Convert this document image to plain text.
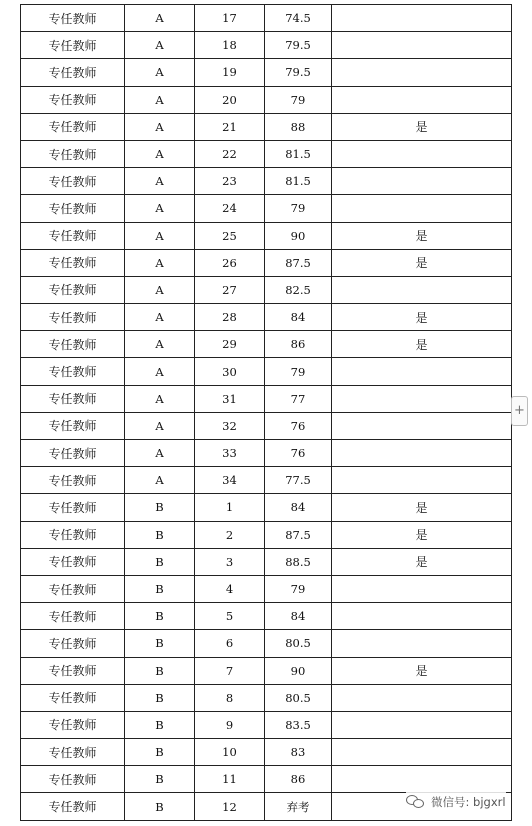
专任教师	A	17	74.5	
专任教师	A	18	79.5	
专任教师	A	19	79.5	
专任教师	A	20	79	
专任教师	A	21	88	是
专任教师	A	22	81.5	
专任教师	A	23	81.5	
专任教师	A	24	79	
专任教师	A	25	90	是
专任教师	A	26	87.5	是
专任教师	A	27	82.5	
专任教师	A	28	84	是
专任教师	A	29	86	是
专任教师	A	30	79	
专任教师	A	31	77	
专任教师	A	32	76	
专任教师	A	33	76	
专任教师	A	34	77.5	
专任教师	B	1	84	是
专任教师	B	2	87.5	是
专任教师	B	3	88.5	是
专任教师	B	4	79	
专任教师	B	5	84	
专任教师	B	6	80.5	
专任教师	B	7	90	是
专任教师	B	8	80.5	
专任教师	B	9	83.5	
专任教师	B	10	83	
专任教师	B	11	86	
专任教师	B	12	弃考	
+
微信号: bjgxrl
